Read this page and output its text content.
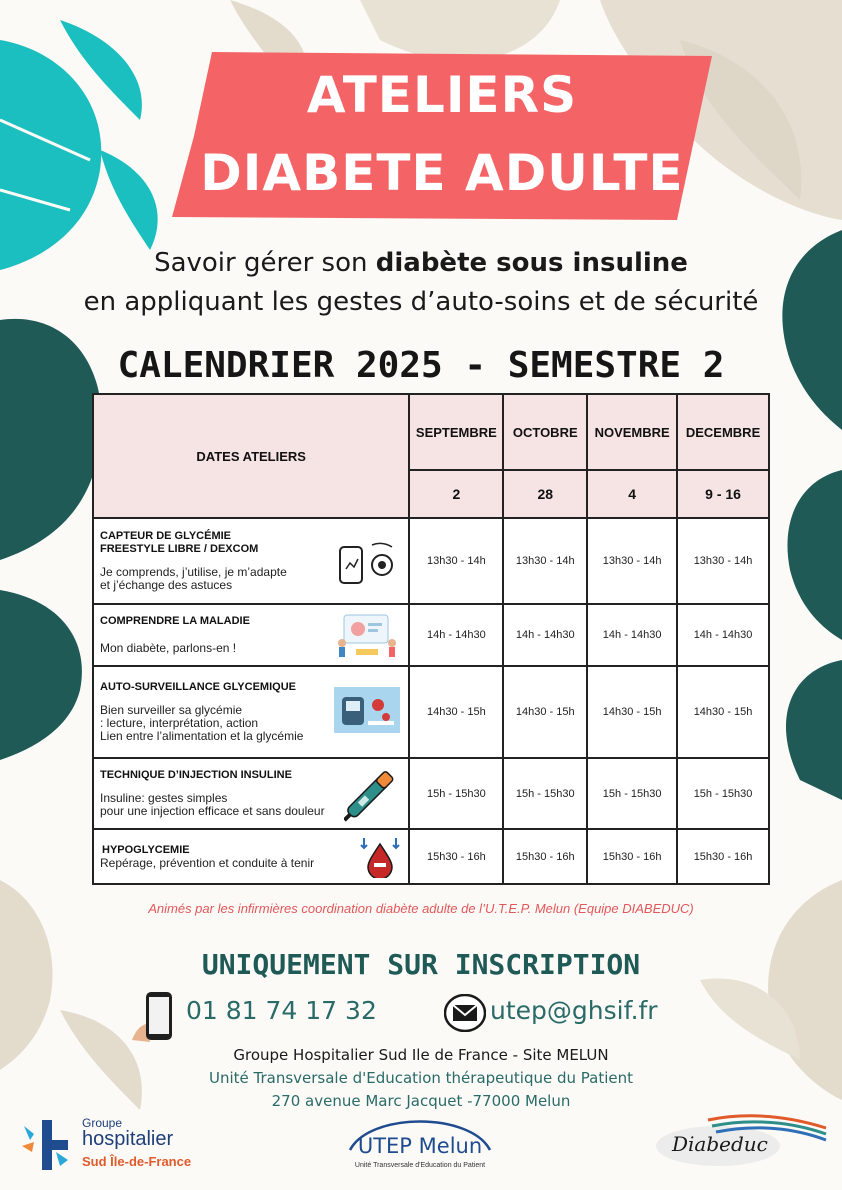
ATELIERS
DIABETE ADULTE
Savoir gérer son diabète sous insuline
en appliquant les gestes d’auto-soins et de sécurité
CALENDRIER 2025 - SEMESTRE 2
DATES ATELIERS	SEPTEMBRE	OCTOBRE	NOVEMBRE	DECEMBRE
	2	28	4	9 - 16

CAPTEUR DE GLYCÉMIE
FREESTYLE LIBRE / DEXCOM
Je comprends, j’utilise, je m’adapte
et j’échange des astuces	13h30 - 14h	13h30 - 14h	13h30 - 14h	13h30 - 14h

COMPRENDRE LA MALADIE
Mon diabète, parlons-en !	14h - 14h30	14h - 14h30	14h - 14h30	14h - 14h30

AUTO-SURVEILLANCE GLYCEMIQUE
Bien surveiller sa glycémie
: lecture, interprétation, action
Lien entre l’alimentation et la glycémie	14h30 - 15h	14h30 - 15h	14h30 - 15h	14h30 - 15h

TECHNIQUE D’INJECTION INSULINE
Insuline: gestes simples
pour une injection efficace et sans douleur	15h - 15h30	15h - 15h30	15h - 15h30	15h - 15h30

HYPOGLYCEMIE
Repérage, prévention et conduite à tenir	15h30 - 16h	15h30 - 16h	15h30 - 16h	15h30 - 16h
Animés par les infirmières coordination diabète adulte de l’U.T.E.P. Melun (Equipe DIABEDUC)
UNIQUEMENT SUR INSCRIPTION
01 81 74 17 32	utep@ghsif.fr
Groupe Hospitalier Sud Ile de France - Site MELUN
Unité Transversale d'Education thérapeutique du Patient
270 avenue Marc Jacquet -77000 Melun
Groupe
hospitalier
Sud Île-de-France
UTEP Melun
Unité Transversale d'Education du Patient
Diabeduc
